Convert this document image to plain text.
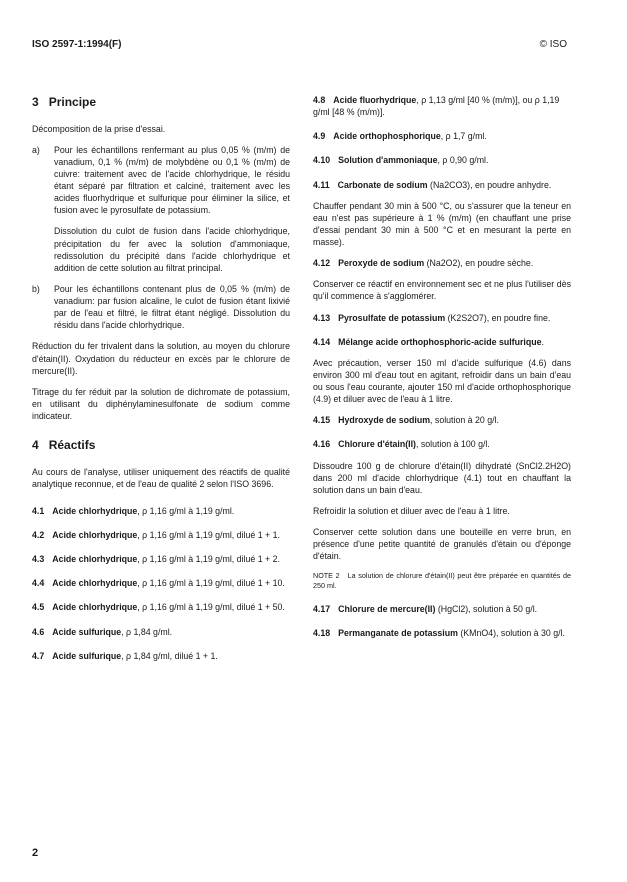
ISO 2597-1:1994(F)	© ISO
3 Principe

Décomposition de la prise d'essai.

a)	Pour les échantillons renfermant au plus 0,05 % (m/m) de vanadium, 0,1 % (m/m) de molybdène ou 0,1 % (m/m) de cuivre: traitement avec de l'acide chlorhydrique, le résidu étant séparé par filtration et calciné, traitement avec les acides fluorhydrique et sulfurique pour éliminer la silice, et fusion avec le pyrosulfate de potassium.
Dissolution du culot de fusion dans l'acide chlorhydrique, précipitation du fer avec la solution d'ammoniaque, redissolution du précipité dans l'acide chlorhydrique et addition de cette solution au filtrat principal.
b)	Pour les échantillons contenant plus de 0,05 % (m/m) de vanadium: par fusion alcaline, le culot de fusion étant lixivié par de l'eau et filtré, le filtrat étant négligé. Dissolution du résidu dans l'acide chlorhydrique.

Réduction du fer trivalent dans la solution, au moyen du chlorure d'étain(II). Oxydation du réducteur en excès par le chlorure de mercure(II).

Titrage du fer réduit par la solution de dichromate de potassium, en utilisant du diphénylaminesulfonate de sodium comme indicateur.

4 Réactifs

Au cours de l'analyse, utiliser uniquement des réactifs de qualité analytique reconnue, et de l'eau de qualité 2 selon l'ISO 3696.

4.1 Acide chlorhydrique, ρ 1,16 g/ml à 1,19 g/ml.
4.2 Acide chlorhydrique, ρ 1,16 g/ml à 1,19 g/ml, dilué 1 + 1.
4.3 Acide chlorhydrique, ρ 1,16 g/ml à 1,19 g/ml, dilué 1 + 2.
4.4 Acide chlorhydrique, ρ 1,16 g/ml à 1,19 g/ml, dilué 1 + 10.
4.5 Acide chlorhydrique, ρ 1,16 g/ml à 1,19 g/ml, dilué 1 + 50.
4.6 Acide sulfurique, ρ 1,84 g/ml.
4.7 Acide sulfurique, ρ 1,84 g/ml, dilué 1 + 1.
4.8 Acide fluorhydrique, ρ 1,13 g/ml [40 % (m/m)], ou ρ 1,19 g/ml [48 % (m/m)].
4.9 Acide orthophosphorique, ρ 1,7 g/ml.
4.10 Solution d'ammoniaque, ρ 0,90 g/ml.
4.11 Carbonate de sodium (Na2CO3), en poudre anhydre.

Chauffer pendant 30 min à 500 °C, ou s'assurer que la teneur en eau n'est pas supérieure à 1 % (m/m) (en chauffant une prise d'essai pendant 30 min à 500 °C et en mesurant la perte en masse).

4.12 Peroxyde de sodium (Na2O2), en poudre sèche.

Conserver ce réactif en environnement sec et ne plus l'utiliser dès qu'il commence à s'agglomérer.

4.13 Pyrosulfate de potassium (K2S2O7), en poudre fine.
4.14 Mélange acide orthophosphoric-acide sulfurique.

Avec précaution, verser 150 ml d'acide sulfurique (4.6) dans environ 300 ml d'eau tout en agitant, refroidir dans un bain d'eau ou sous l'eau courante, ajouter 150 ml d'acide orthophosphorique (4.9) et diluer avec de l'eau à 1 litre.

4.15 Hydroxyde de sodium, solution à 20 g/l.
4.16 Chlorure d'étain(II), solution à 100 g/l.

Dissoudre 100 g de chlorure d'étain(II) dihydraté (SnCl2.2H2O) dans 200 ml d'acide chlorhydrique (4.1) tout en chauffant la solution dans un bain d'eau.

Refroidir la solution et diluer avec de l'eau à 1 litre.

Conserver cette solution dans une bouteille en verre brun, en présence d'une petite quantité de granulés d'étain ou d'éponge d'étain.

NOTE 2 La solution de chlorure d'étain(II) peut être préparée en quantités de 250 ml.
4.17 Chlorure de mercure(II) (HgCl2), solution à 50 g/l.
4.18 Permanganate de potassium (KMnO4), solution à 30 g/l.
2
